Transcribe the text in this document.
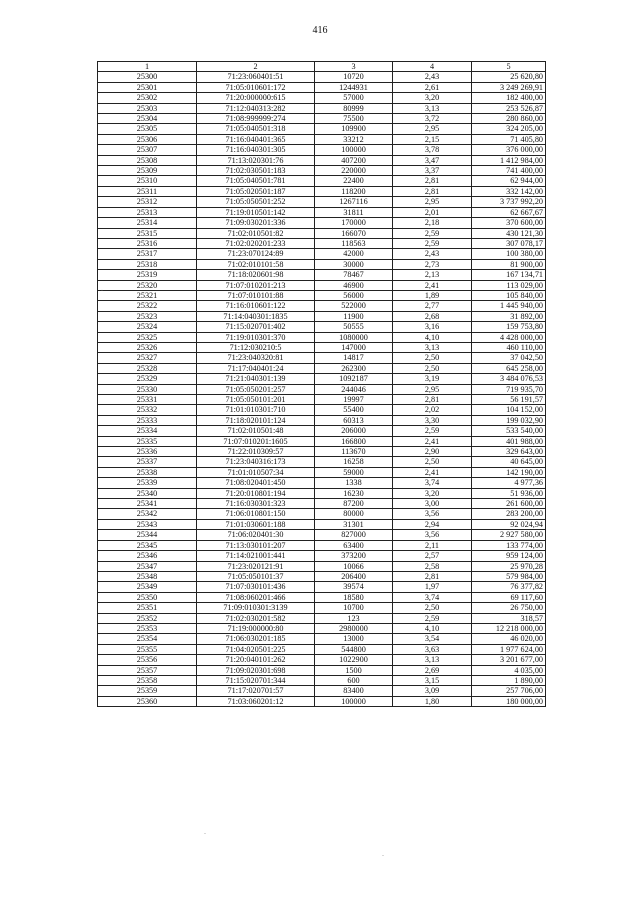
416
1	2	3	4	5
25300	71:23:060401:51	10720	2,43	25 620,80
25301	71:05:010601:172	1244931	2,61	3 249 269,91
25302	71:20:000000:615	57000	3,20	182 400,00
25303	71:12:040313:282	80999	3,13	253 526,87
25304	71:08:999999:274	75500	3,72	280 860,00
25305	71:05:040501:318	109900	2,95	324 205,00
25306	71:16:040401:365	33212	2,15	71 405,80
25307	71:16:040301:305	100000	3,78	376 000,00
25308	71:13:020301:76	407200	3,47	1 412 984,00
25309	71:02:030501:183	220000	3,37	741 400,00
25310	71:05:040501:781	22400	2,81	62 944,00
25311	71:05:020501:187	118200	2,81	332 142,00
25312	71:05:050501:252	1267116	2,95	3 737 992,20
25313	71:19:010501:142	31811	2,01	62 667,67
25314	71:09:030201:336	170000	2,18	370 600,00
25315	71:02:010501:82	166070	2,59	430 121,30
25316	71:02:020201:233	118563	2,59	307 078,17
25317	71:23:070124:89	42000	2,43	100 380,00
25318	71:02:010101:58	30000	2,73	81 900,00
25319	71:18:020601:98	78467	2,13	167 134,71
25320	71:07:010201:213	46900	2,41	113 029,00
25321	71:07:010101:88	56000	1,89	105 840,00
25322	71:16:010601:122	522000	2,77	1 445 940,00
25323	71:14:040301:1835	11900	2,68	31 892,00
25324	71:15:020701:402	50555	3,16	159 753,80
25325	71:19:010301:370	1080000	4,10	4 428 000,00
25326	71:12:030210:5	147000	3,13	460 110,00
25327	71:23:040320:81	14817	2,50	37 042,50
25328	71:17:040401:24	262300	2,50	645 258,00
25329	71:21:040301:139	1092187	3,19	3 484 076,53
25330	71:05:050201:257	244046	2,95	719 935,70
25331	71:05:050101:201	19997	2,81	56 191,57
25332	71:01:010301:710	55400	2,02	104 152,00
25333	71:18:020101:124	60313	3,30	199 032,90
25334	71:02:010501:48	206000	2,59	533 540,00
25335	71:07:010201:1605	166800	2,41	401 988,00
25336	71:22:010309:57	113670	2,90	329 643,00
25337	71:23:040316:173	16258	2,50	40 645,00
25338	71:01:010507:34	59000	2,41	142 190,00
25339	71:08:020401:450	1338	3,74	4 977,36
25340	71:20:010801:194	16230	3,20	51 936,00
25341	71:16:030301:323	87200	3,00	261 600,00
25342	71:06:010801:150	80000	3,56	283 200,00
25343	71:01:030601:188	31301	2,94	92 024,94
25344	71:06:020401:30	827000	3,56	2 927 580,00
25345	71:13:030101:207	63400	2,11	133 774,00
25346	71:14:021001:441	373200	2,57	959 124,00
25347	71:23:020121:91	10066	2,58	25 970,28
25348	71:05:050101:37	206400	2,81	579 984,00
25349	71:07:030101:436	39574	1,97	76 377,82
25350	71:08:060201:466	18580	3,74	69 117,60
25351	71:09:010301:3139	10700	2,50	26 750,00
25352	71:02:030201:582	123	2,59	318,57
25353	71:19:000000:80	2980000	4,10	12 218 000,00
25354	71:06:030201:185	13000	3,54	46 020,00
25355	71:04:020501:225	544800	3,63	1 977 624,00
25356	71:20:040101:262	1022900	3,13	3 201 677,00
25357	71:09:020301:698	1500	2,69	4 035,00
25358	71:15:020701:344	600	3,15	1 890,00
25359	71:17:020701:57	83400	3,09	257 706,00
25360	71:03:060201:12	100000	1,80	180 000,00
·
-
-
